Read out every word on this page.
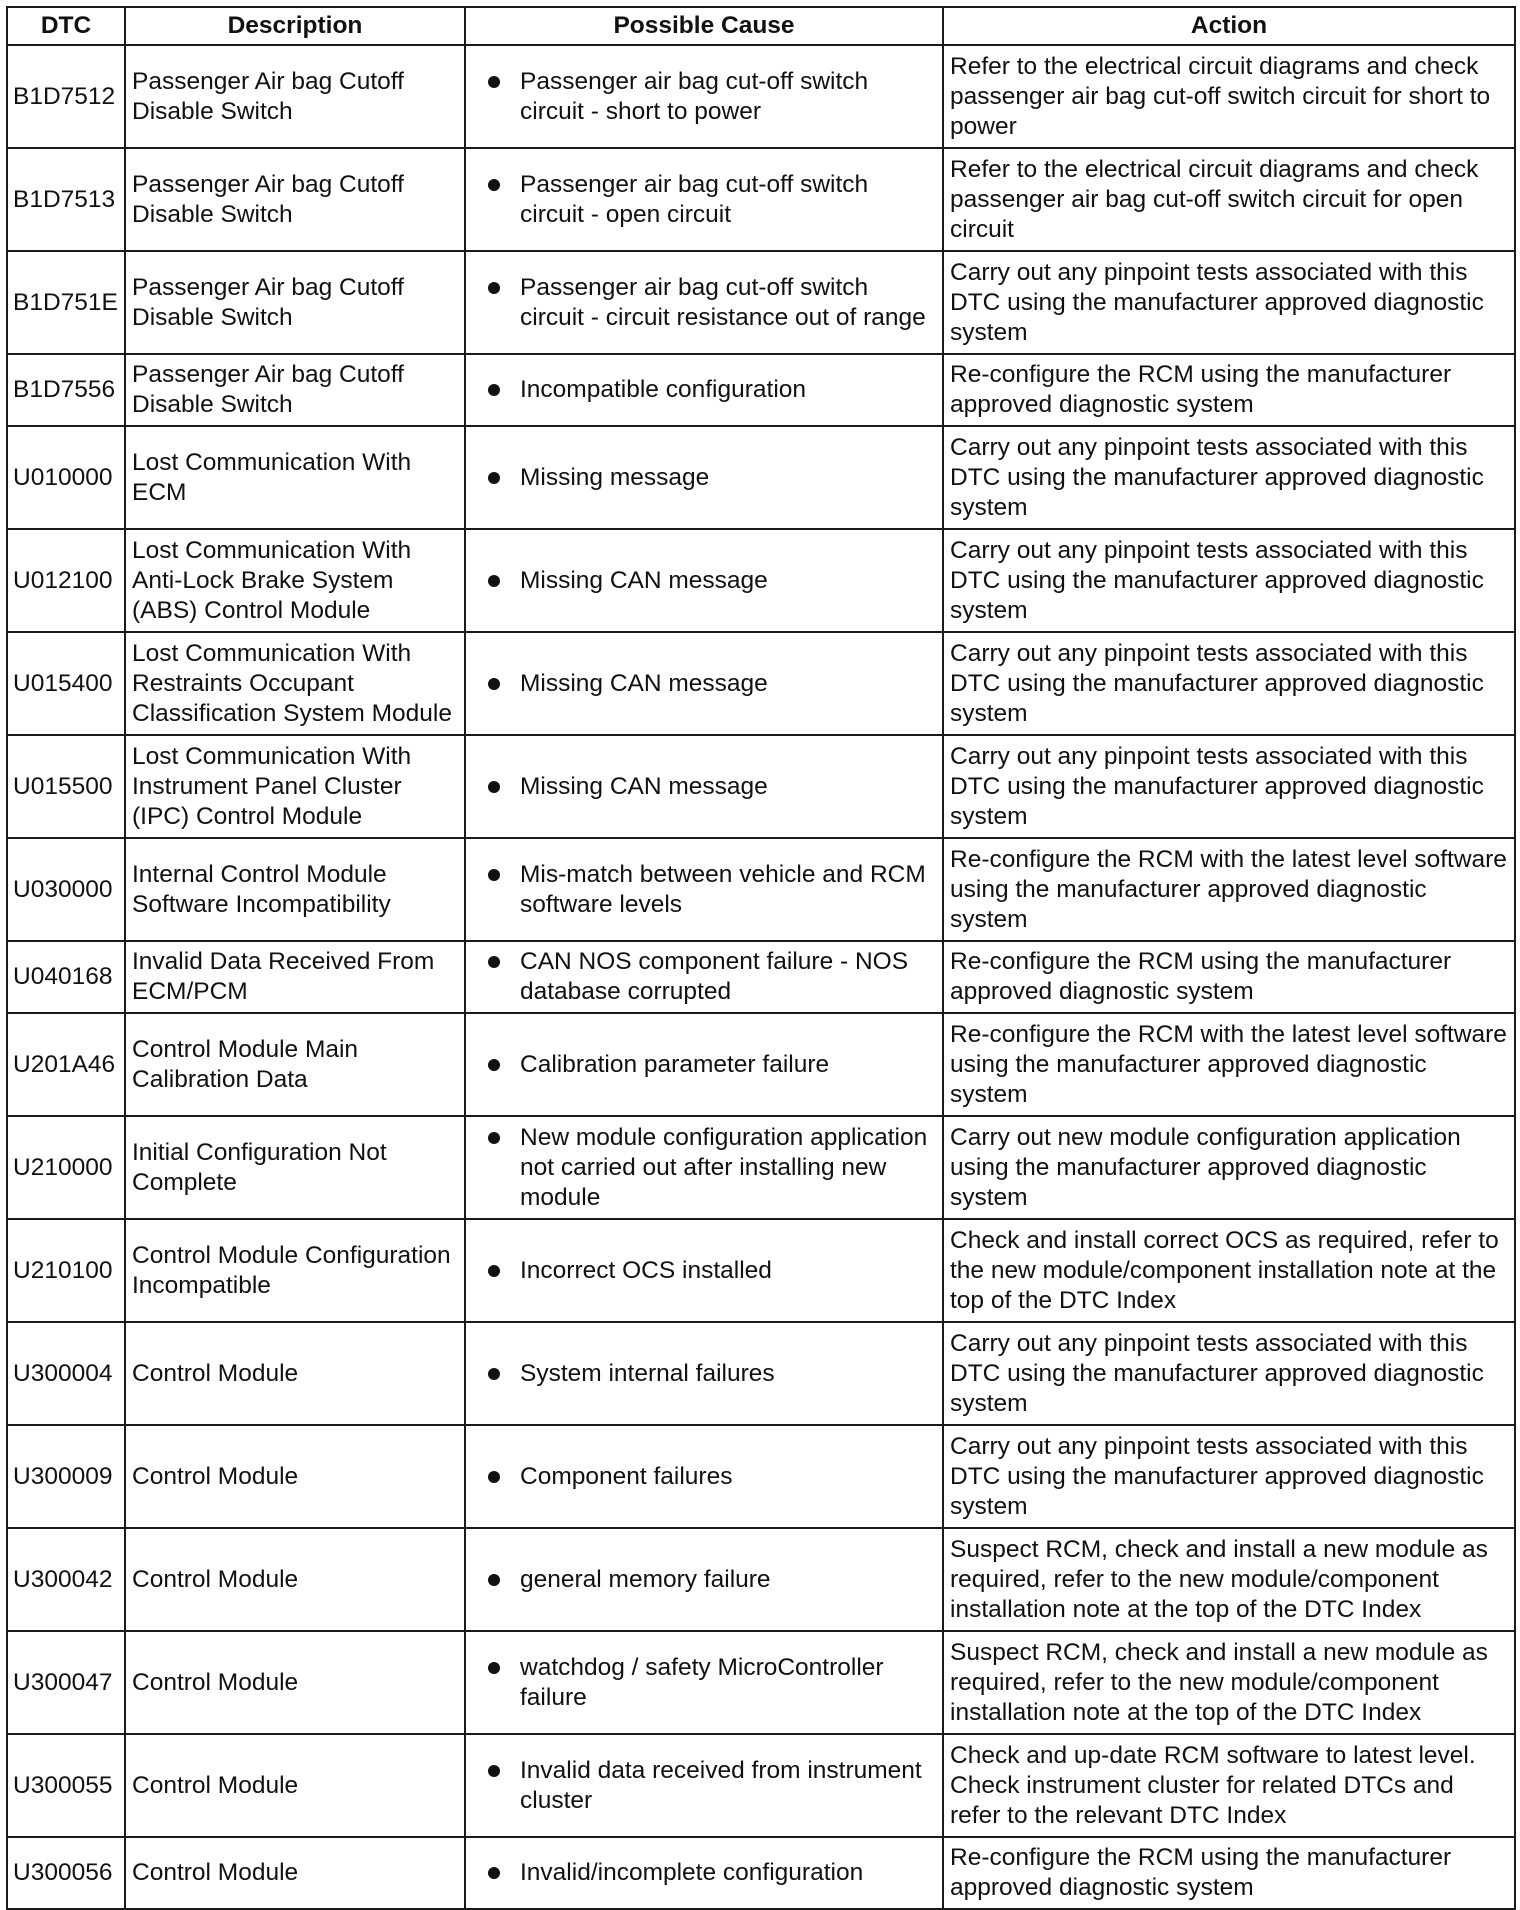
DTC	Description	Possible Cause	Action
B1D7512	Passenger Air bag Cutoff Disable Switch	Passenger air bag cut-off switch circuit - short to power	Refer to the electrical circuit diagrams and check passenger air bag cut-off switch circuit for short to power
B1D7513	Passenger Air bag Cutoff Disable Switch	Passenger air bag cut-off switch circuit - open circuit	Refer to the electrical circuit diagrams and check passenger air bag cut-off switch circuit for open circuit
B1D751E	Passenger Air bag Cutoff Disable Switch	Passenger air bag cut-off switch circuit - circuit resistance out of range	Carry out any pinpoint tests associated with this DTC using the manufacturer approved diagnostic system
B1D7556	Passenger Air bag Cutoff Disable Switch	Incompatible configuration	Re-configure the RCM using the manufacturer approved diagnostic system
U010000	Lost Communication With ECM	Missing message	Carry out any pinpoint tests associated with this DTC using the manufacturer approved diagnostic system
U012100	Lost Communication With Anti-Lock Brake System (ABS) Control Module	Missing CAN message	Carry out any pinpoint tests associated with this DTC using the manufacturer approved diagnostic system
U015400	Lost Communication With Restraints Occupant Classification System Module	Missing CAN message	Carry out any pinpoint tests associated with this DTC using the manufacturer approved diagnostic system
U015500	Lost Communication With Instrument Panel Cluster (IPC) Control Module	Missing CAN message	Carry out any pinpoint tests associated with this DTC using the manufacturer approved diagnostic system
U030000	Internal Control Module Software Incompatibility	Mis-match between vehicle and RCM software levels	Re-configure the RCM with the latest level software using the manufacturer approved diagnostic system
U040168	Invalid Data Received From ECM/PCM	CAN NOS component failure - NOS database corrupted	Re-configure the RCM using the manufacturer approved diagnostic system
U201A46	Control Module Main Calibration Data	Calibration parameter failure	Re-configure the RCM with the latest level software using the manufacturer approved diagnostic system
U210000	Initial Configuration Not Complete	New module configuration application not carried out after installing new module	Carry out new module configuration application using the manufacturer approved diagnostic system
U210100	Control Module Configuration Incompatible	Incorrect OCS installed	Check and install correct OCS as required, refer to the new module/component installation note at the top of the DTC Index
U300004	Control Module	System internal failures	Carry out any pinpoint tests associated with this DTC using the manufacturer approved diagnostic system
U300009	Control Module	Component failures	Carry out any pinpoint tests associated with this DTC using the manufacturer approved diagnostic system
U300042	Control Module	general memory failure	Suspect RCM, check and install a new module as required, refer to the new module/component installation note at the top of the DTC Index
U300047	Control Module	watchdog / safety MicroController failure	Suspect RCM, check and install a new module as required, refer to the new module/component installation note at the top of the DTC Index
U300055	Control Module	Invalid data received from instrument cluster	Check and up-date RCM software to latest level. Check instrument cluster for related DTCs and refer to the relevant DTC Index
U300056	Control Module	Invalid/incomplete configuration	Re-configure the RCM using the manufacturer approved diagnostic system
